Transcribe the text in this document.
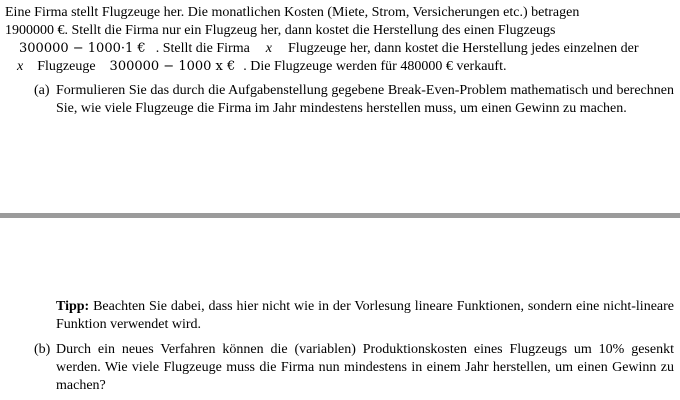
Eine Firma stellt Flugzeuge her. Die monatlichen Kosten (Miete, Strom, Versicherungen etc.) betragen
1900000 €. Stellt die Firma nur ein Flugzeug her, dann kostet die Herstellung des einen Flugzeugs
300000 − 1000·1 € . Stellt die Firma x Flugzeuge her, dann kostet die Herstellung jedes einzelnen der
x Flugzeuge 300000 − 1000 x € . Die Flugzeuge werden für 480000 € verkauft.
(a) Formulieren Sie das durch die Aufgabenstellung gegebene Break-Even-Problem mathematisch und berechnen Sie, wie viele Flugzeuge die Firma im Jahr mindestens herstellen muss, um einen Gewinn zu machen.
Tipp: Beachten Sie dabei, dass hier nicht wie in der Vorlesung lineare Funktionen, sondern eine nicht-lineare Funktion verwendet wird.
(b) Durch ein neues Verfahren können die (variablen) Produktionskosten eines Flugzeugs um 10% gesenkt werden. Wie viele Flugzeuge muss die Firma nun mindestens in einem Jahr herstellen, um einen Gewinn zu machen?
